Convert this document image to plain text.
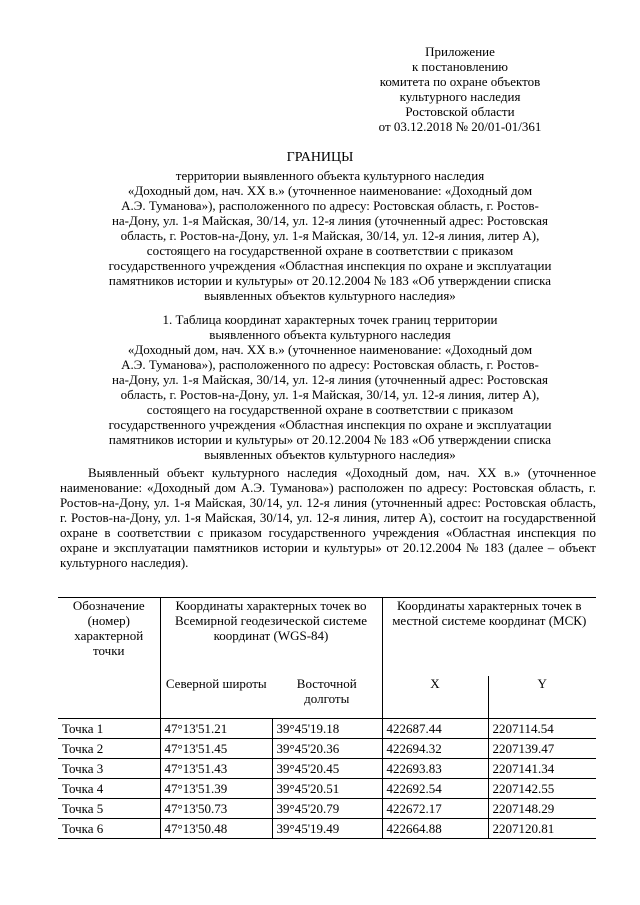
Приложение
к постановлению
комитета по охране объектов
культурного наследия
Ростовской области
от 03.12.2018 № 20/01-01/361
ГРАНИЦЫ
территории выявленного объекта культурного наследия
«Доходный дом, нач. XX в.» (уточненное наименование: «Доходный дом
А.Э. Туманова»), расположенного по адресу: Ростовская область, г. Ростов-
на-Дону, ул. 1-я Майская, 30/14, ул. 12-я линия (уточненный адрес: Ростовская
область, г. Ростов-на-Дону, ул. 1-я Майская, 30/14, ул. 12-я линия, литер А),
состоящего на государственной охране в соответствии с приказом
государственного учреждения «Областная инспекция по охране и эксплуатации
памятников истории и культуры» от 20.12.2004 № 183 «Об утверждении списка
выявленных объектов культурного наследия»
1. Таблица координат характерных точек границ территории
выявленного объекта культурного наследия
«Доходный дом, нач. XX в.» (уточненное наименование: «Доходный дом
А.Э. Туманова»), расположенного по адресу: Ростовская область, г. Ростов-
на-Дону, ул. 1-я Майская, 30/14, ул. 12-я линия (уточненный адрес: Ростовская
область, г. Ростов-на-Дону, ул. 1-я Майская, 30/14, ул. 12-я линия, литер А),
состоящего на государственной охране в соответствии с приказом
государственного учреждения «Областная инспекция по охране и эксплуатации
памятников истории и культуры» от 20.12.2004 № 183 «Об утверждении списка
выявленных объектов культурного наследия»
Выявленный объект культурного наследия «Доходный дом, нач. XX в.» (уточненное наименование: «Доходный дом А.Э. Туманова») расположен по адресу: Ростовская область, г. Ростов-на-Дону, ул. 1-я Майская, 30/14, ул. 12-я линия (уточненный адрес: Ростовская область, г. Ростов-на-Дону, ул. 1-я Майская, 30/14, ул. 12-я линия, литер А), состоит на государственной охране в соответствии с приказом государственного учреждения «Областная инспекция по охране и эксплуатации памятников истории и культуры» от 20.12.2004 № 183 (далее – объект культурного наследия).
Обозначение (номер) характерной точки	Координаты характерных точек во Всемирной геодезической системе координат (WGS-84)		Координаты характерных точек в местной системе координат (МСК)	
	Северной широты	Восточной долготы	X	Y
Точка 1	47°13'51.21	39°45'19.18	422687.44	2207114.54
Точка 2	47°13'51.45	39°45'20.36	422694.32	2207139.47
Точка 3	47°13'51.43	39°45'20.45	422693.83	2207141.34
Точка 4	47°13'51.39	39°45'20.51	422692.54	2207142.55
Точка 5	47°13'50.73	39°45'20.79	422672.17	2207148.29
Точка 6	47°13'50.48	39°45'19.49	422664.88	2207120.81
